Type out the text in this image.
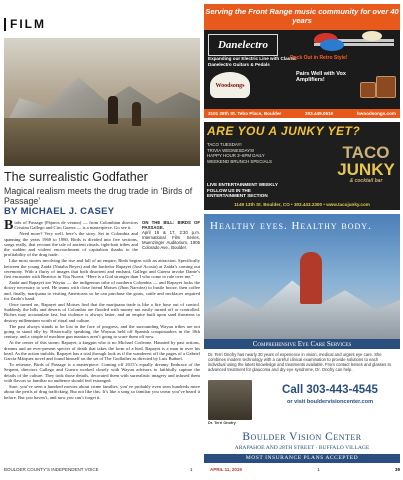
FILM
The surrealistic Godfather
Magical realism meets the drug trade in ‘Birds of Passage’
BY MICHAEL J. CASEY
ON THE BILL: BIRDS OF PASSAGE.
April 16 & 17, 2:30 p.m. International Film Series, Muenzinger Auditorium, 1905 Colorado Ave., Boulder.

Birds of Passage (Pájaros de verano) — from Colombian directors Cristina Gallego and Ciro Guerra — is a masterpiece. Go see it.

Need more? Very well, here’s the story. Set in Colombia and spanning the years 1968 to 1980, Birds is divided into five sections, songs really, that recount the tale of ancient rituals, tight-knit tribes and the sudden and violent encroachment of capitalism thanks to the profitability of the drug trade.

Like most stories involving the rise and fall of an empire, Birds begins with an attraction. Specifically between the young Zaida (Natalia Reyes) and the bachelor Rapayet (José Acosta) at Zaida’s coming out ceremony. With a flurry of images that both disorient and enchant, Gallego and Guerra invoke Dante’s first encounter with Beatrice in Vita Nuova: “Here is a God stronger than I who come to rule over me.”

Zaida and Rapayet are Wayuu — the indigenous tribe of northern Colombia — and Rapayet lacks the dowry necessary to wed. He teams with close friend Moises (Jhon Narváez) to hustle booze, then coffee and, finally, marijuana to visiting Americans so he can purchase the goats, cattle and necklaces required for Zaida’s hand.

Once turned on, Rapayet and Moises find that the marijuana trade is like a fire hose out of control. Suddenly the hills and deserts of Colombia are flooded with money not easily turned off or controlled. Riches may accumulate fast, but violence is always faster, and an empire built upon sand threatens to destroy millennium worth of ritual and culture.

The past always stands to be lost in the face of progress, and the surrounding Wayuu tribes are not going to stand idly by. Historically speaking, the Wayuus held off Spanish conquistadors in the 18th century, and a couple of machine gun maniacs aren’t going to scare them off now.

At the center of this storm: Rapayet, a kingpin who is no Michael Corleone. Haunted by past actions, dreams and an ever-present specter of death that takes the form of a bird, Rapayet is a man in over his head. As the action unfolds, Rapayet has a trial through look as if the wanderest off the pages of a Gabriel García Márquez novel and found himself on the set of The Godfather as directed by Luis Buñuel.

To reiterate, Birds of Passage is a masterpiece. Coming off 2015’s equally dreamy Embrace of the Serpent, directors Gallego and Guerra worked closely with Wayuu advisors to faithfully capture the details of the culture. They took those details, decorated them with surrealistic imagery and infused them with flavors so familiar no audience should feel estranged.

Sure, you’ve seen a hundred movies about crime families, you’ve probably even seen hundreds more about the perils of drug trafficking. But not like this. It’s like a song so familiar you swear you’ve heard it before. But you haven’t, and now you can’t forget it.

Serving the Front Range music community for over 40 years
Danelectro
Expanding our Electric Line with Classic
Danelectro Guitars & Pedals
Rock Out in Retro Style!
Pairs Well with Vox Amplifiers!
Woodsongs
3101 28th St. Tebo Place, Boulder	303.449.0516	bwoodsongs.com
ARE YOU A JUNKY YET?
TACO TUESDAY!
TRIVIA WEDNESDAYS!
HAPPY HOUR 3–6PM DAILY
WEEKEND BRUNCH SPECIALS	TACO
JUNKY
& cocktail bar
LIVE ENTERTAINMENT WEEKLY
FOLLOW US IN THE
ENTERTAINMENT SECTION
1149 13th St. Boulder, CO • 303.443.2300 • www.tacojunky.com
Healthy eyes. Healthy body.
Comprehensive Eye Care Services
Dr. Terri Onofry has nearly 30 years of experience in vision, medical and urgent eye care. She combines modern technology with a careful clinical examination to provide solutions to each individual using the latest knowledge and treatments available. From contact lenses and glasses to advanced treatment for glaucoma and dry eye syndrome, Dr. Onofry can help.
Dr. Terri Onofry
Call 303-443-4545
or visit bouldervisioncenter.com
Boulder Vision Center
ARAPAHOE AND 28TH STREET · BUFFALO VILLAGE
MOST INSURANCE PLANS ACCEPTED
BOULDER COUNTY’S INDEPENDENT VOICE	1	APRIL 11, 2019	1	39
